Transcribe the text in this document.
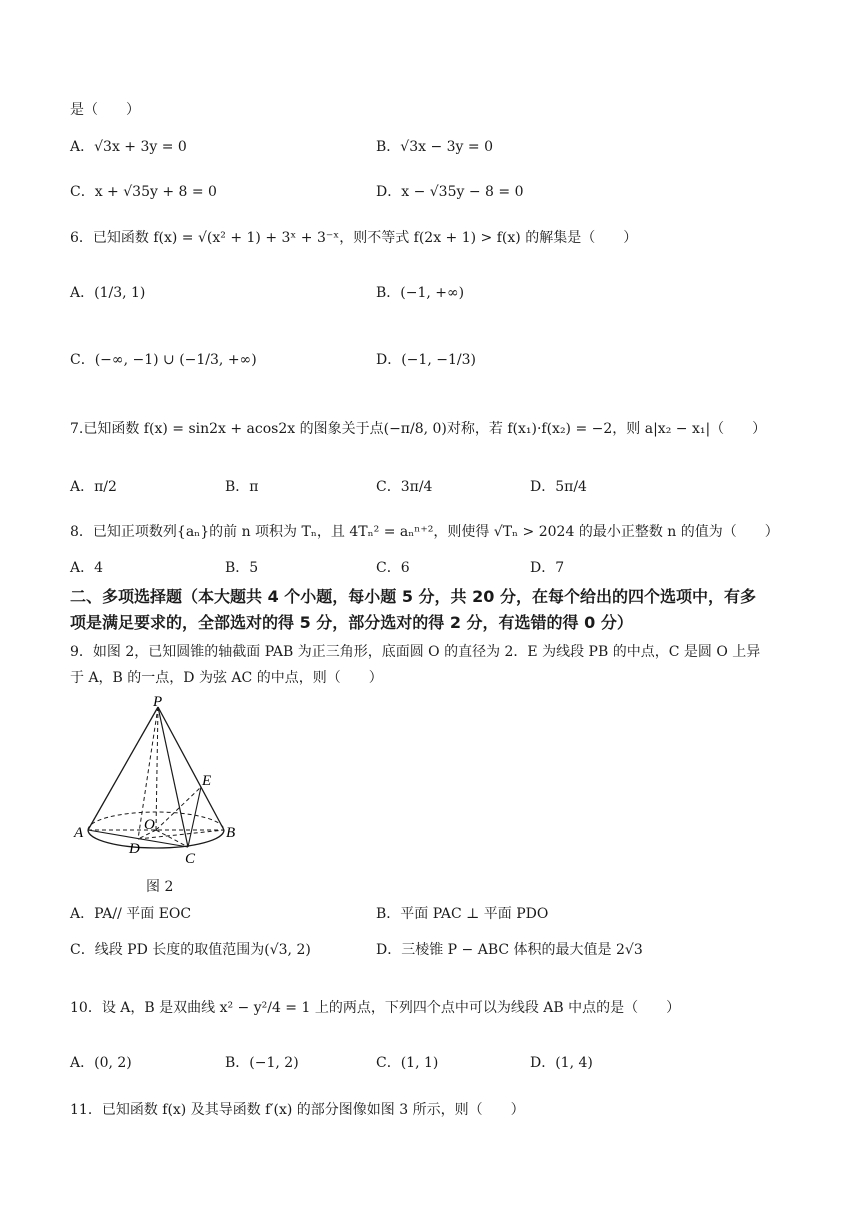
是（　　）
A．√3x + 3y = 0	B．√3x − 3y = 0
C．x + √35y + 8 = 0	D．x − √35y − 8 = 0
6．已知函数 f(x) = √(x² + 1) + 3ˣ + 3⁻ˣ，则不等式 f(2x + 1) > f(x) 的解集是（　　）
A．(1/3, 1)	B．(−1, +∞)
C．(−∞, −1) ∪ (−1/3, +∞)	D．(−1, −1/3)
7.已知函数 f(x) = sin2x + acos2x 的图象关于点(−π/8, 0)对称，若 f(x₁)·f(x₂) = −2，则 a|x₂ − x₁|（　　）
A．π/2	B．π	C．3π/4	D．5π/4
8．已知正项数列{aₙ}的前 n 项积为 Tₙ，且 4Tₙ² = aₙⁿ⁺²，则使得 √Tₙ > 2024 的最小正整数 n 的值为（　　）
A．4	B．5	C．6	D．7
二、多项选择题（本大题共 4 个小题，每小题 5 分，共 20 分，在每个给出的四个选项中，有多
项是满足要求的，全部选对的得 5 分，部分选对的得 2 分，有选错的得 0 分）
9．如图 2，已知圆锥的轴截面 PAB 为正三角形，底面圆 O 的直径为 2．E 为线段 PB 的中点，C 是圆 O 上异
于 A，B 的一点，D 为弦 AC 的中点，则（　　）
P
E
A	B
O
D
C
图 2
A．PA// 平面 EOC	B．平面 PAC ⊥ 平面 PDO
C．线段 PD 长度的取值范围为(√3, 2)	D．三棱锥 P − ABC 体积的最大值是 2√3
10．设 A，B 是双曲线 x² − y²/4 = 1 上的两点，下列四个点中可以为线段 AB 中点的是（　　）
A．(0, 2)	B．(−1, 2)	C．(1, 1)	D．(1, 4)
11．已知函数 f(x) 及其导函数 f′(x) 的部分图像如图 3 所示，则（　　）
